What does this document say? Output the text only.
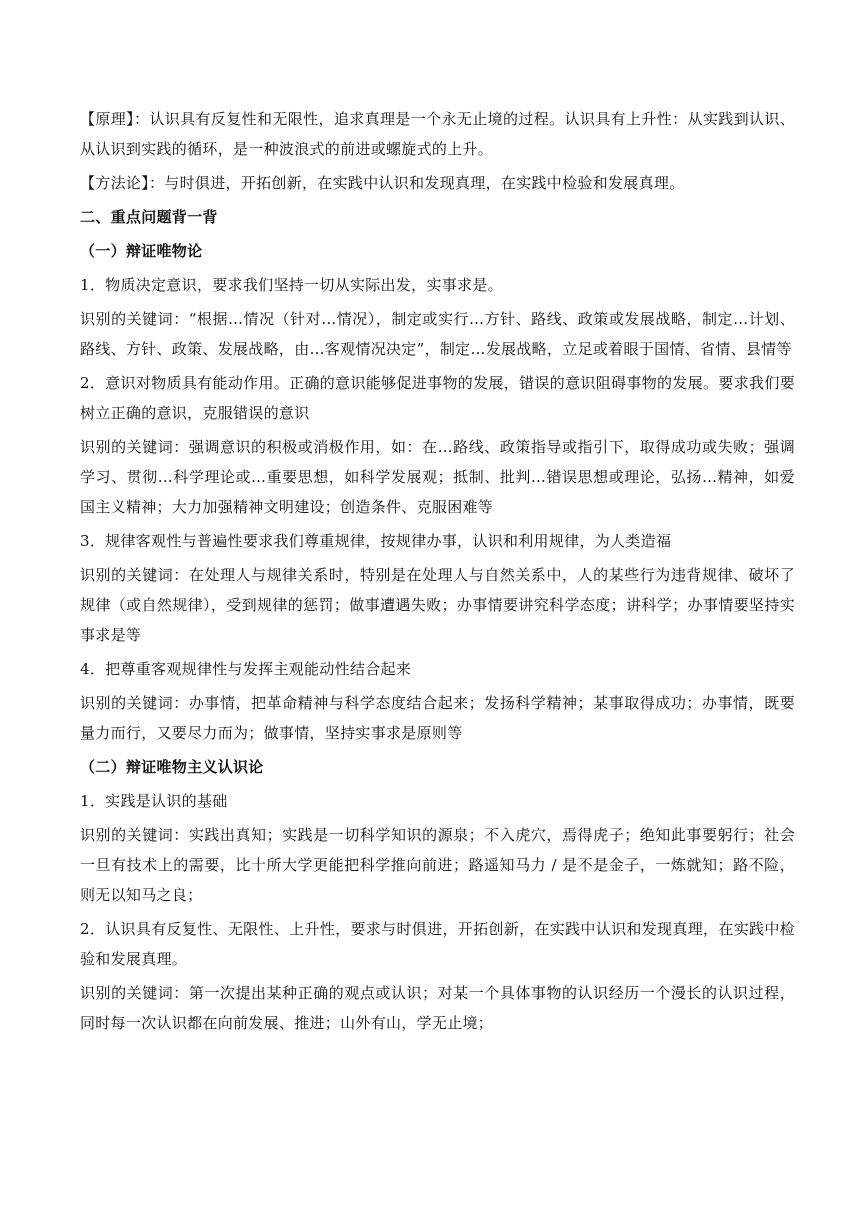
【原理】：认识具有反复性和无限性，追求真理是一个永无止境的过程。认识具有上升性：从实践到认识、从认识到实践的循环，是一种波浪式的前进或螺旋式的上升。

【方法论】：与时俱进，开拓创新，在实践中认识和发现真理，在实践中检验和发展真理。

二、重点问题背一背

（一）辩证唯物论

1．物质决定意识，要求我们坚持一切从实际出发，实事求是。

识别的关键词：“根据…情况（针对…情况），制定或实行…方针、路线、政策或发展战略，制定…计划、路线、方针、政策、发展战略，由…客观情况决定”，制定…发展战略，立足或着眼于国情、省情、县情等

2．意识对物质具有能动作用。正确的意识能够促进事物的发展，错误的意识阻碍事物的发展。要求我们要 树立正确的意识，克服错误的意识

识别的关键词：强调意识的积极或消极作用，如：在…路线、政策指导或指引下，取得成功或失败；强调学习、贯彻…科学理论或…重要思想，如科学发展观；抵制、批判…错误思想或理论，弘扬…精神，如爱国主义精神；大力加强精神文明建设；创造条件、克服困难等

3．规律客观性与普遍性要求我们尊重规律，按规律办事，认识和利用规律，为人类造福

识别的关键词：在处理人与规律关系时，特别是在处理人与自然关系中，人的某些行为违背规律、破坏了规律（或自然规律），受到规律的惩罚；做事遭遇失败；办事情要讲究科学态度；讲科学；办事情要坚持实事求是等

4．把尊重客观规律性与发挥主观能动性结合起来

识别的关键词：办事情，把革命精神与科学态度结合起来；发扬科学精神；某事取得成功；办事情，既要量力而行，又要尽力而为；做事情，坚持实事求是原则等

（二）辩证唯物主义认识论

1．实践是认识的基础

识别的关键词：实践出真知；实践是一切科学知识的源泉；不入虎穴，焉得虎子；绝知此事要躬行；社会一旦有技术上的需要，比十所大学更能把科学推向前进；路遥知马力 / 是不是金子，一炼就知；路不险，则无以知马之良；

2．认识具有反复性、无限性、上升性，要求与时俱进，开拓创新，在实践中认识和发现真理，在实践中检验和发展真理。

识别的关键词：第一次提出某种正确的观点或认识；对某一个具体事物的认识经历一个漫长的认识过程，同时每一次认识都在向前发展、推进；山外有山，学无止境；
